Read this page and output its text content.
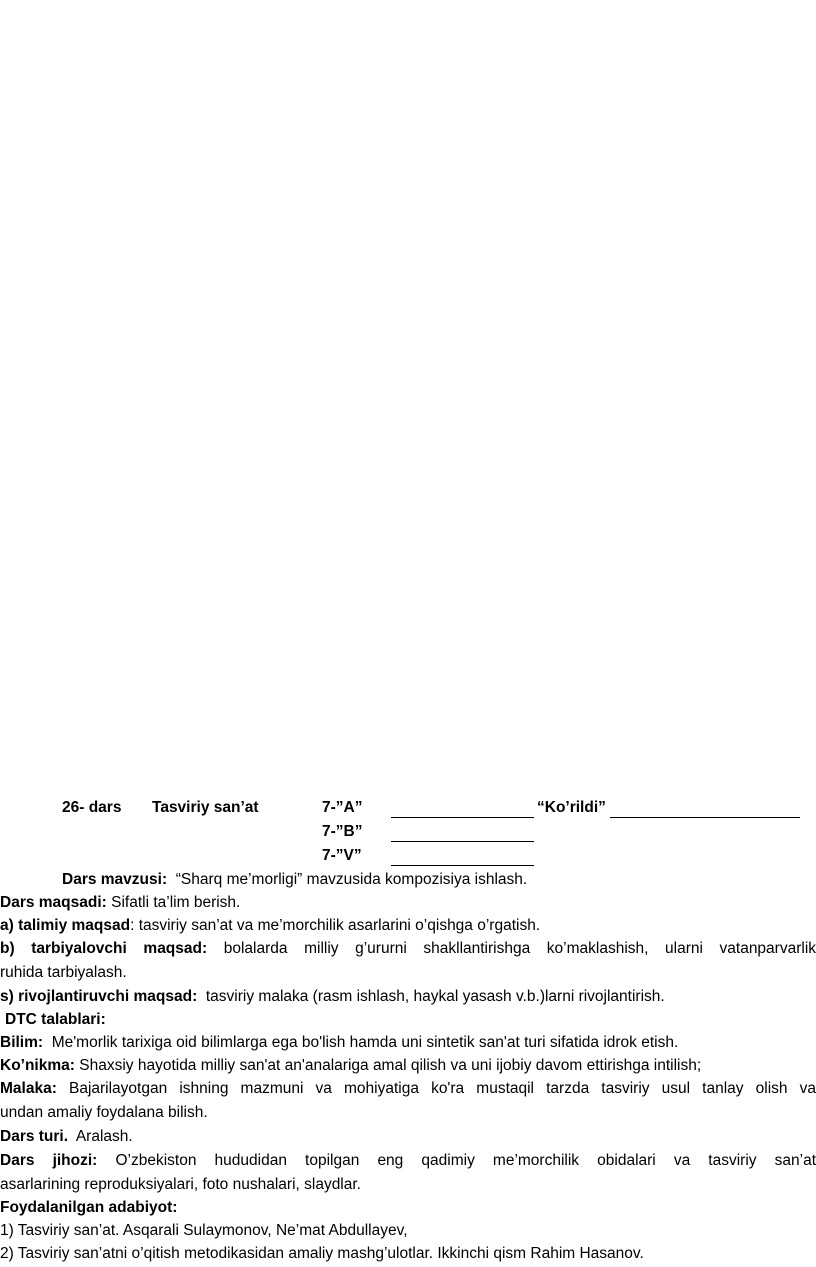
26- dars Tasviriy san’at	7-”A”	“Ko’rildi”
7-”B”
7-”V”
Dars mavzusi: “Sharq me’morligi” mavzusida kompozisiya ishlash.
Dars maqsadi: Sifatli ta’lim berish.
a) talimiy maqsad: tasviriy san’at va me’morchilik asarlarini o’qishga o’rgatish.
b) tarbiyalovchi maqsad: bolalarda milliy g’ururni shakllantirishga ko’maklashish, ularni vatanparvarlik
ruhida tarbiyalash.
s) rivojlantiruvchi maqsad: tasviriy malaka (rasm ishlash, haykal yasash v.b.)larni rivojlantirish.
DTC talablari:
Bilim: Me'morlik tarixiga oid bilimlarga ega bo'lish hamda uni sintetik san'at turi sifatida idrok etish.
Ko’nikma: Shaxsiy hayotida milliy san'at an'analariga amal qilish va uni ijobiy davom ettirishga intilish;
Malaka: Bajarilayotgan ishning mazmuni va mohiyatiga ko'ra mustaqil tarzda tasviriy usul tanlay olish va
undan amaliy foydalana bilish.
Dars turi. Aralash.
Dars jihozi: O’zbekiston hududidan topilgan eng qadimiy me’morchilik obidalari va tasviriy san’at
asarlarining reproduksiyalari, foto nushalari, slaydlar.
Foydalanilgan adabiyot:
1) Tasviriy san’at. Asqarali Sulaymonov, Ne’mat Abdullayev,
2) Tasviriy san’atni o’qitish metodikasidan amaliy mashg’ulotlar. Ikkinchi qism Rahim Hasanov.
